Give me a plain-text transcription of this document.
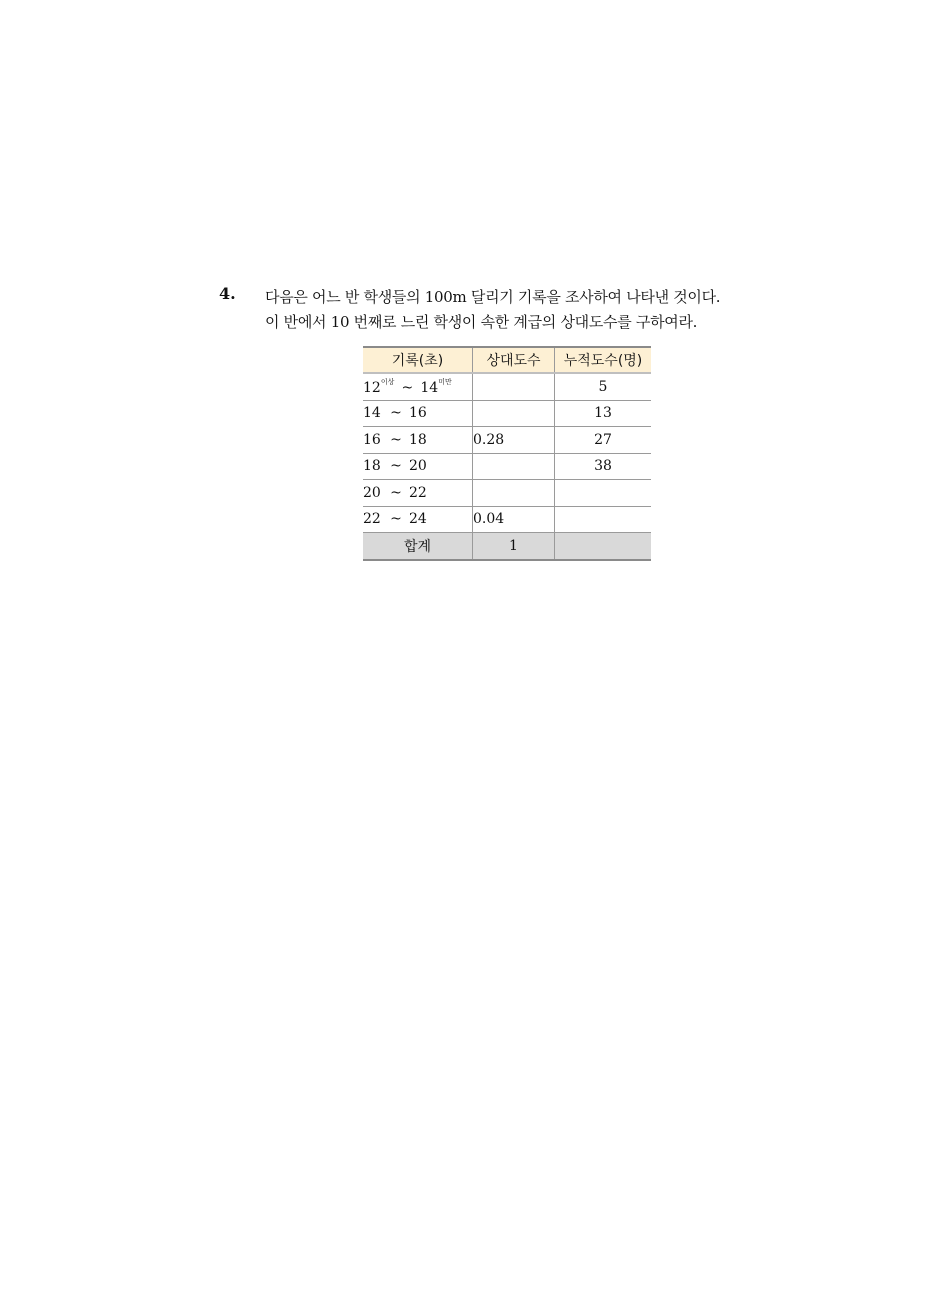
4. 다음은 어느 반 학생들의 100m 달리기 기록을 조사하여 나타낸 것이다.
이 반에서 10 번째로 느린 학생이 속한 계급의 상대도수를 구하여라.
기록(초)	상대도수	누적도수(명)
$12^{이상}$ ~ $14^{미만}$		5
14 ~ 16		13
16 ~ 18	0.28	27
18 ~ 20		38
20 ~ 22		
22 ~ 24	0.04	
합계	1	
